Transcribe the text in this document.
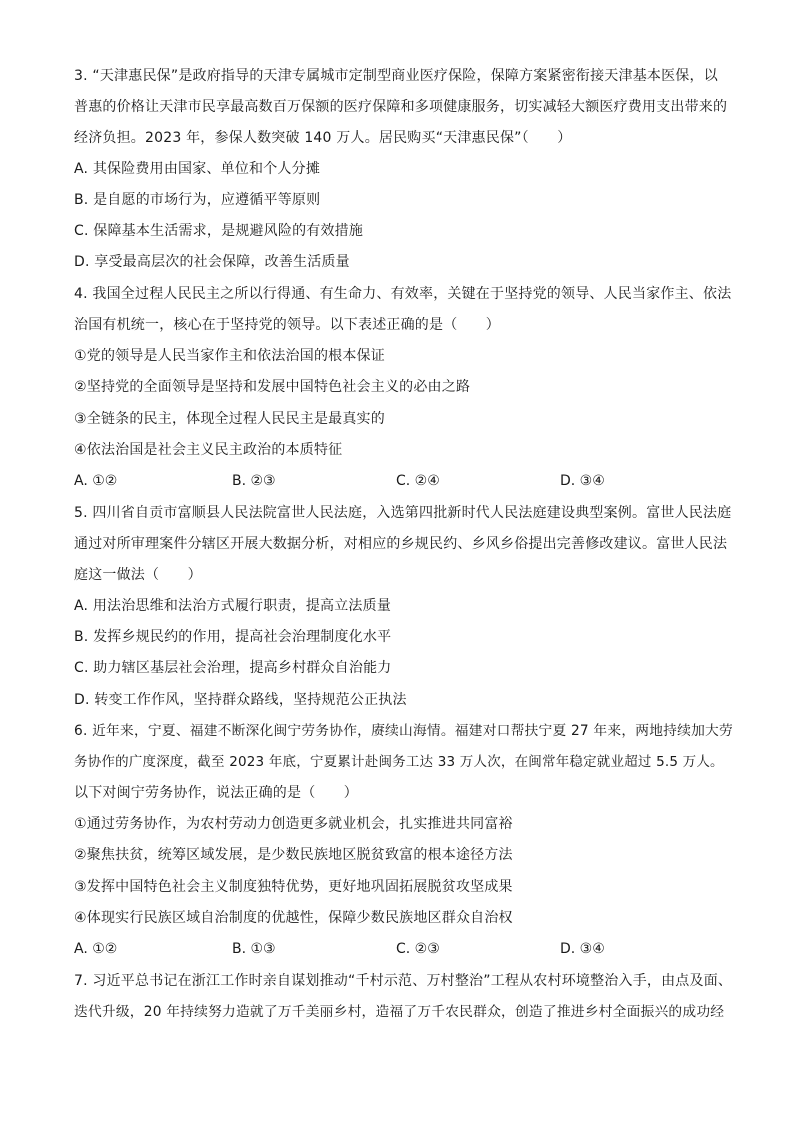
3. “天津惠民保”是政府指导的天津专属城市定制型商业医疗保险，保障方案紧密衔接天津基本医保，以
普惠的价格让天津市民享最高数百万保额的医疗保障和多项健康服务，切实减轻大额医疗费用支出带来的
经济负担。2023 年，参保人数突破 140 万人。居民购买“天津惠民保”（　　）
A. 其保险费用由国家、单位和个人分摊
B. 是自愿的市场行为，应遵循平等原则
C. 保障基本生活需求，是规避风险的有效措施
D. 享受最高层次的社会保障，改善生活质量
4. 我国全过程人民民主之所以行得通、有生命力、有效率，关键在于坚持党的领导、人民当家作主、依法
治国有机统一，核心在于坚持党的领导。以下表述正确的是（　　）
①党的领导是人民当家作主和依法治国的根本保证
②坚持党的全面领导是坚持和发展中国特色社会主义的必由之路
③全链条的民主，体现全过程人民民主是最真实的
④依法治国是社会主义民主政治的本质特征
A. ①②	B. ②③	C. ②④	D. ③④
5. 四川省自贡市富顺县人民法院富世人民法庭，入选第四批新时代人民法庭建设典型案例。富世人民法庭
通过对所审理案件分辖区开展大数据分析，对相应的乡规民约、乡风乡俗提出完善修改建议。富世人民法
庭这一做法（　　）
A. 用法治思维和法治方式履行职责，提高立法质量
B. 发挥乡规民约的作用，提高社会治理制度化水平
C. 助力辖区基层社会治理，提高乡村群众自治能力
D. 转变工作作风，坚持群众路线，坚持规范公正执法
6. 近年来，宁夏、福建不断深化闽宁劳务协作，赓续山海情。福建对口帮扶宁夏 27 年来，两地持续加大劳
务协作的广度深度，截至 2023 年底，宁夏累计赴闽务工达 33 万人次，在闽常年稳定就业超过 5.5 万人。
以下对闽宁劳务协作，说法正确的是（　　）
①通过劳务协作，为农村劳动力创造更多就业机会，扎实推进共同富裕
②聚焦扶贫，统筹区域发展，是少数民族地区脱贫致富的根本途径方法
③发挥中国特色社会主义制度独特优势，更好地巩固拓展脱贫攻坚成果
④体现实行民族区域自治制度的优越性，保障少数民族地区群众自治权
A. ①②	B. ①③	C. ②③	D. ③④
7. 习近平总书记在浙江工作时亲自谋划推动“千村示范、万村整治”工程从农村环境整治入手，由点及面、
迭代升级，20 年持续努力造就了万千美丽乡村，造福了万千农民群众，创造了推进乡村全面振兴的成功经
